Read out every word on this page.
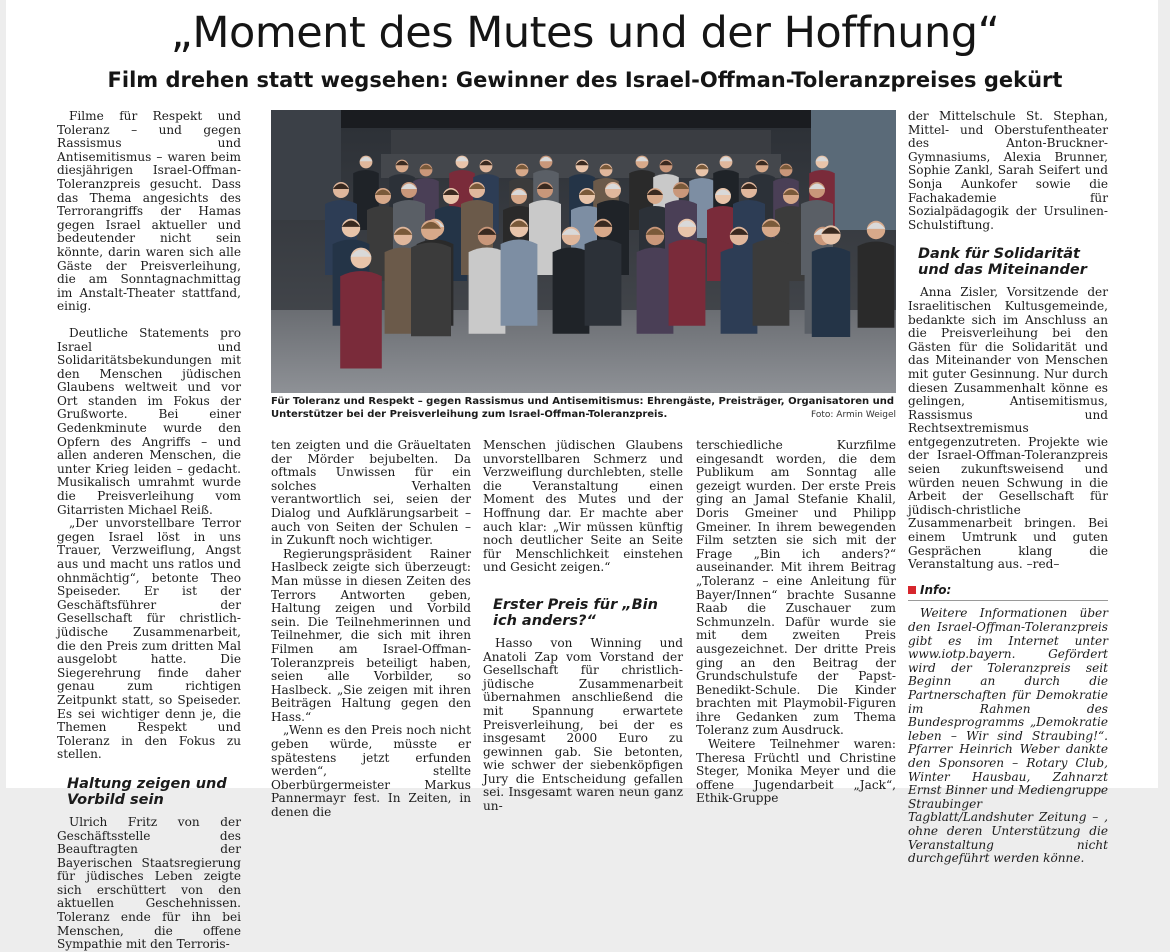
„Moment des Mutes und der Hoffnung“
Film drehen statt wegsehen: Gewinner des Israel-Offman-Toleranzpreises gekürt

Filme für Respekt und Toleranz – und gegen Rassismus und Antisemitismus – waren beim diesjährigen Israel-Offman-Toleranzpreis gesucht. Dass das Thema angesichts des Terrorangriffs der Hamas gegen Israel aktueller und bedeutender nicht sein könnte, darin waren sich alle Gäste der Preisverleihung, die am Sonntagnachmittag im Anstalt-Theater stattfand, einig.

Deutliche Statements pro Israel und Solidaritätsbekundungen mit den Menschen jüdischen Glaubens weltweit und vor Ort standen im Fokus der Grußworte. Bei einer Gedenkminute wurde den Opfern des Angriffs – und allen anderen Menschen, die unter Krieg leiden – gedacht. Musikalisch umrahmt wurde die Preisverleihung vom Gitarristen Michael Reiß.

„Der unvorstellbare Terror gegen Israel löst in uns Trauer, Verzweiflung, Angst aus und macht uns ratlos und ohnmächtig“, betonte Theo Speiseder. Er ist der Geschäftsführer der Gesellschaft für christlich-jüdische Zusammenarbeit, die den Preis zum dritten Mal ausgelobt hatte. Die Siegerehrung finde daher genau zum richtigen Zeitpunkt statt, so Speiseder. Es sei wichtiger denn je, die Themen Respekt und Toleranz in den Fokus zu stellen.

Haltung zeigen und Vorbild sein

Ulrich Fritz von der Geschäftsstelle des Beauftragten der Bayerischen Staatsregierung für jüdisches Leben zeigte sich erschüttert von den aktuellen Geschehnissen. Toleranz ende für ihn bei Menschen, die offene Sympathie mit den Terroris-

Für Toleranz und Respekt – gegen Rassismus und Antisemitismus: Ehrengäste, Preisträger, Organisatoren und Unterstützer bei der Preisverleihung zum Israel-Offman-Toleranzpreis.	Foto: Armin Weigel

ten zeigten und die Gräueltaten der Mörder bejubelten. Da oftmals Unwissen für ein solches Verhalten verantwortlich sei, seien der Dialog und Aufklärungsarbeit – auch von Seiten der Schulen – in Zukunft noch wichtiger.

Regierungspräsident Rainer Haslbeck zeigte sich überzeugt: Man müsse in diesen Zeiten des Terrors Antworten geben, Haltung zeigen und Vorbild sein. Die Teilnehmerinnen und Teilnehmer, die sich mit ihren Filmen am Israel-Offman-Toleranzpreis beteiligt haben, seien alle Vorbilder, so Haslbeck. „Sie zeigen mit ihren Beiträgen Haltung gegen den Hass.“

„Wenn es den Preis noch nicht geben würde, müsste er spätestens jetzt erfunden werden“, stellte Oberbürgermeister Markus Pannermayr fest. In Zeiten, in denen die

Menschen jüdischen Glaubens unvorstellbaren Schmerz und Verzweiflung durchlebten, stelle die Veranstaltung einen Moment des Mutes und der Hoffnung dar. Er machte aber auch klar: „Wir müssen künftig noch deutlicher Seite an Seite für Menschlichkeit einstehen und Gesicht zeigen.“

Erster Preis für „Bin ich anders?“

Hasso von Winning und Anatoli Zap vom Vorstand der Gesellschaft für christlich-jüdische Zusammenarbeit übernahmen anschließend die mit Spannung erwartete Preisverleihung, bei der es insgesamt 2000 Euro zu gewinnen gab. Sie betonten, wie schwer der siebenköpfigen Jury die Entscheidung gefallen sei. Insgesamt waren neun ganz un-

terschiedliche Kurzfilme eingesandt worden, die dem Publikum am Sonntag alle gezeigt wurden. Der erste Preis ging an Jamal Stefanie Khalil, Doris Gmeiner und Philipp Gmeiner. In ihrem bewegenden Film setzten sie sich mit der Frage „Bin ich anders?“ auseinander. Mit ihrem Beitrag „Toleranz – eine Anleitung für Bayer/Innen“ brachte Susanne Raab die Zuschauer zum Schmunzeln. Dafür wurde sie mit dem zweiten Preis ausgezeichnet. Der dritte Preis ging an den Beitrag der Grundschulstufe der Papst-Benedikt-Schule. Die Kinder brachten mit Playmobil-Figuren ihre Gedanken zum Thema Toleranz zum Ausdruck.

Weitere Teilnehmer waren: Theresa Früchtl und Christine Steger, Monika Meyer und die offene Jugendarbeit „Jack“, Ethik-Gruppe

der Mittelschule St. Stephan, Mittel- und Oberstufentheater des Anton-Bruckner-Gymnasiums, Alexia Brunner, Sophie Zankl, Sarah Seifert und Sonja Aunkofer sowie die Fachakademie für Sozialpädagogik der Ursulinen-Schulstiftung.

Dank für Solidarität und das Miteinander

Anna Zisler, Vorsitzende der Israelitischen Kultusgemeinde, bedankte sich im Anschluss an die Preisverleihung bei den Gästen für die Solidarität und das Miteinander von Menschen mit guter Gesinnung. Nur durch diesen Zusammenhalt könne es gelingen, Antisemitismus, Rassismus und Rechtsextremismus entgegenzutreten. Projekte wie der Israel-Offman-Toleranzpreis seien zukunftsweisend und würden neuen Schwung in die Arbeit der Gesellschaft für jüdisch-christliche Zusammenarbeit bringen. Bei einem Umtrunk und guten Gesprächen klang die Veranstaltung aus. –red–

Info:

Weitere Informationen über den Israel-Offman-Toleranzpreis gibt es im Internet unter www.iotp.bayern. Gefördert wird der Toleranzpreis seit Beginn an durch die Partnerschaften für Demokratie im Rahmen des Bundesprogramms „Demokratie leben – Wir sind Straubing!“. Pfarrer Heinrich Weber dankte den Sponsoren – Rotary Club, Winter Hausbau, Zahnarzt Ernst Binner und Mediengruppe Straubinger Tagblatt/Landshuter Zeitung – , ohne deren Unterstützung die Veranstaltung nicht durchgeführt werden könne.
